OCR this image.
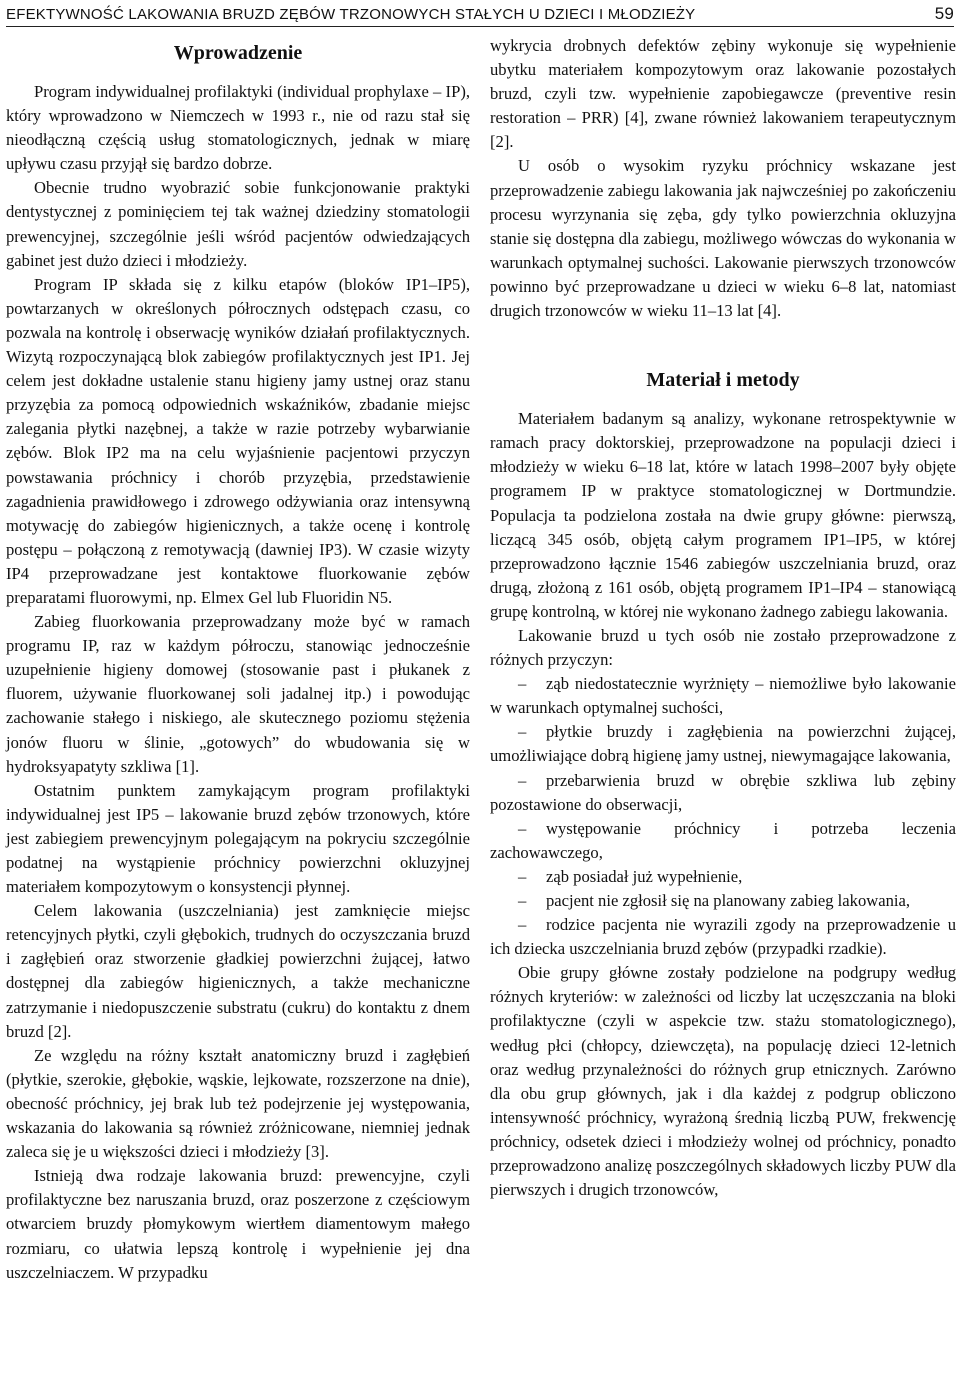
EFEKTYWNOŚĆ LAKOWANIA BRUZD ZĘBÓW TRZONOWYCH STAŁYCH U DZIECI I MŁODZIEŻY	59
Wprowadzenie

Program indywidualnej profilaktyki (individual prophylaxe – IP), który wprowadzono w Niemczech w 1993 r., nie od razu stał się nieodłączną częścią usług stomatologicznych, jednak w miarę upływu czasu przyjął się bardzo dobrze.

Obecnie trudno wyobrazić sobie funkcjonowanie praktyki dentystycznej z pominięciem tej tak ważnej dziedziny stomatologii prewencyjnej, szczególnie jeśli wśród pacjentów odwiedzających gabinet jest dużo dzieci i młodzieży.

Program IP składa się z kilku etapów (bloków IP1–IP5), powtarzanych w określonych półrocznych odstępach czasu, co pozwala na kontrolę i obserwację wyników działań profilaktycznych. Wizytą rozpoczynającą blok zabiegów profilaktycznych jest IP1. Jej celem jest dokładne ustalenie stanu higieny jamy ustnej oraz stanu przyzębia za pomocą odpowiednich wskaźników, zbadanie miejsc zalegania płytki nazębnej, a także w razie potrzeby wybarwianie zębów. Blok IP2 ma na celu wyjaśnienie pacjentowi przyczyn powstawania próchnicy i chorób przyzębia, przedstawienie zagadnienia prawidłowego i zdrowego odżywiania oraz intensywną motywację do zabiegów higienicznych, a także ocenę i kontrolę postępu – połączoną z remotywacją (dawniej IP3). W czasie wizyty IP4 przeprowadzane jest kontaktowe fluorkowanie zębów preparatami fluorowymi, np. Elmex Gel lub Fluoridin N5.

Zabieg fluorkowania przeprowadzany może być w ramach programu IP, raz w każdym półroczu, stanowiąc jednocześnie uzupełnienie higieny domowej (stosowanie past i płukanek z fluorem, używanie fluorkowanej soli jadalnej itp.) i powodując zachowanie stałego i niskiego, ale skutecznego poziomu stężenia jonów fluoru w ślinie, „gotowych” do wbudowania się w hydroksyapatyty szkliwa [1].

Ostatnim punktem zamykającym program profilaktyki indywidualnej jest IP5 – lakowanie bruzd zębów trzonowych, które jest zabiegiem prewencyjnym polegającym na pokryciu szczególnie podatnej na wystąpienie próchnicy powierzchni okluzyjnej materiałem kompozytowym o konsystencji płynnej.

Celem lakowania (uszczelniania) jest zamknięcie miejsc retencyjnych płytki, czyli głębokich, trudnych do oczyszczania bruzd i zagłębień oraz stworzenie gładkiej powierzchni żującej, łatwo dostępnej dla zabiegów higienicznych, a także mechaniczne zatrzymanie i niedopuszczenie substratu (cukru) do kontaktu z dnem bruzd [2].

Ze względu na różny kształt anatomiczny bruzd i zagłębień (płytkie, szerokie, głębokie, wąskie, lejkowate, rozszerzone na dnie), obecność próchnicy, jej brak lub też podejrzenie jej występowania, wskazania do lakowania są również zróżnicowane, niemniej jednak zaleca się je u większości dzieci i młodzieży [3].

Istnieją dwa rodzaje lakowania bruzd: prewencyjne, czyli profilaktyczne bez naruszania bruzd, oraz poszerzone z częściowym otwarciem bruzdy płomykowym wiertłem diamentowym małego rozmiaru, co ułatwia lepszą kontrolę i wypełnienie jej dna uszczelniaczem. W przypadku

wykrycia drobnych defektów zębiny wykonuje się wypełnienie ubytku materiałem kompozytowym oraz lakowanie pozostałych bruzd, czyli tzw. wypełnienie zapobiegawcze (preventive resin restoration – PRR) [4], zwane również lakowaniem terapeutycznym [2].

U osób o wysokim ryzyku próchnicy wskazane jest przeprowadzenie zabiegu lakowania jak najwcześniej po zakończeniu procesu wyrzynania się zęba, gdy tylko powierzchnia okluzyjna stanie się dostępna dla zabiegu, możliwego wówczas do wykonania w warunkach optymalnej suchości. Lakowanie pierwszych trzonowców powinno być przeprowadzane u dzieci w wieku 6–8 lat, natomiast drugich trzonowców w wieku 11–13 lat [4].

Materiał i metody

Materiałem badanym są analizy, wykonane retrospektywnie w ramach pracy doktorskiej, przeprowadzone na populacji dzieci i młodzieży w wieku 6–18 lat, które w latach 1998–2007 były objęte programem IP w praktyce stomatologicznej w Dortmundzie. Populacja ta podzielona została na dwie grupy główne: pierwszą, liczącą 345 osób, objętą całym programem IP1–IP5, w której przeprowadzono łącznie 1546 zabiegów uszczelniania bruzd, oraz drugą, złożoną z 161 osób, objętą programem IP1–IP4 – stanowiącą grupę kontrolną, w której nie wykonano żadnego zabiegu lakowania.

Lakowanie bruzd u tych osób nie zostało przeprowadzone z różnych przyczyn:

– ząb niedostatecznie wyrżnięty – niemożliwe było lakowanie w warunkach optymalnej suchości,
– płytkie bruzdy i zagłębienia na powierzchni żującej, umożliwiające dobrą higienę jamy ustnej, niewymagające lakowania,
– przebarwienia bruzd w obrębie szkliwa lub zębiny pozostawione do obserwacji,
– występowanie próchnicy i potrzeba leczenia zachowawczego,
– ząb posiadał już wypełnienie,
– pacjent nie zgłosił się na planowany zabieg lakowania,
– rodzice pacjenta nie wyrazili zgody na przeprowadzenie u ich dziecka uszczelniania bruzd zębów (przypadki rzadkie).

Obie grupy główne zostały podzielone na podgrupy według różnych kryteriów: w zależności od liczby lat uczęszczania na bloki profilaktyczne (czyli w aspekcie tzw. stażu stomatologicznego), według płci (chłopcy, dziewczęta), na populację dzieci 12-letnich oraz według przynależności do różnych grup etnicznych. Zarówno dla obu grup głównych, jak i dla każdej z podgrup obliczono intensywność próchnicy, wyrażoną średnią liczbą PUW, frekwencję próchnicy, odsetek dzieci i młodzieży wolnej od próchnicy, ponadto przeprowadzono analizę poszczególnych składowych liczby PUW dla pierwszych i drugich trzonowców,
